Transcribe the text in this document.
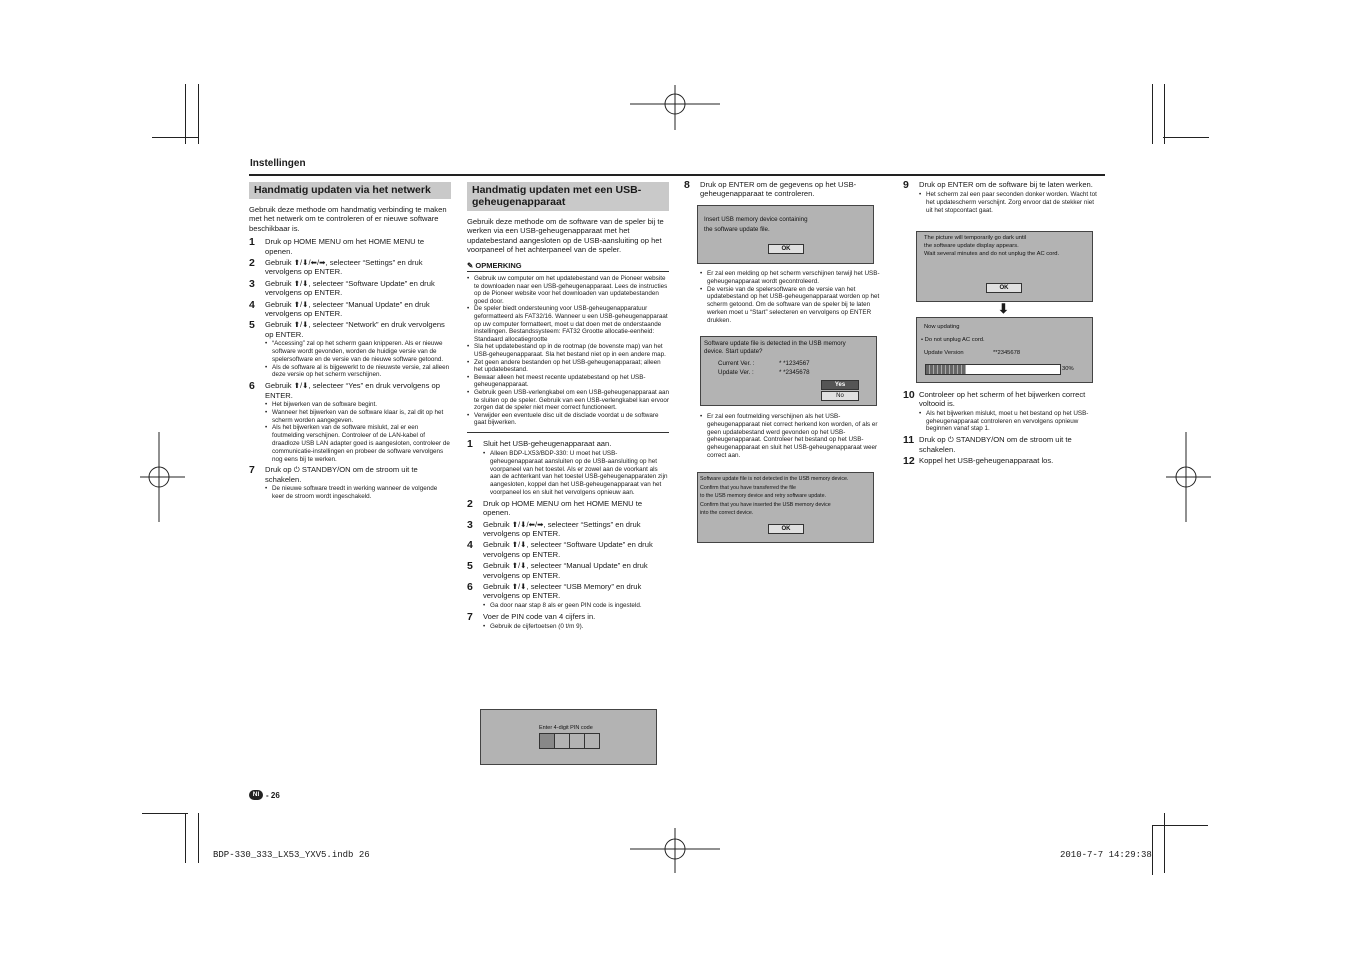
Instellingen
Handmatig updaten via het netwerk
Gebruik deze methode om handmatig verbinding te maken met het netwerk om te controleren of er nieuwe software beschikbaar is.
1	Druk op HOME MENU om het HOME MENU te openen.
2	Gebruik ⬆/⬇/⬅/➡, selecteer “Settings” en druk vervolgens op ENTER.
3	Gebruik ⬆/⬇, selecteer “Software Update” en druk vervolgens op ENTER.
4	Gebruik ⬆/⬇, selecteer “Manual Update” en druk vervolgens op ENTER.
5	Gebruik ⬆/⬇, selecteer “Network” en druk vervolgens op ENTER.
• “Accessing” zal op het scherm gaan knipperen. Als er nieuwe software wordt gevonden, worden de huidige versie van de spelersoftware en de versie van de nieuwe software getoond.
• Als de software al is bijgewerkt to de nieuwste versie, zal alleen deze versie op het scherm verschijnen.
6	Gebruik ⬆/⬇, selecteer “Yes” en druk vervolgens op ENTER.
• Het bijwerken van de software begint.
• Wanneer het bijwerken van de software klaar is, zal dit op het scherm worden aangegeven.
• Als het bijwerken van de software mislukt, zal er een foutmelding verschijnen. Controleer of de LAN-kabel of draadloze USB LAN adapter goed is aangesloten, controleer de communicatie-instellingen en probeer de software vervolgens nog eens bij te werken.
7	Druk op ⏻ STANDBY/ON om de stroom uit te schakelen.
• De nieuwe software treedt in werking wanneer de volgende keer de stroom wordt ingeschakeld.
Handmatig updaten met een USB-geheugenapparaat
Gebruik deze methode om de software van de speler bij te werken via een USB-geheugenapparaat met het updatebestand aangesloten op de USB-aansluiting op het voorpaneel of het achterpaneel van de speler.
✎ OPMERKING
• Gebruik uw computer om het updatebestand van de Pioneer website te downloaden naar een USB-geheugenapparaat. Lees de instructies op de Pioneer website voor het downloaden van updatebestanden goed door.
• De speler biedt ondersteuning voor USB-geheugenapparatuur geformatteerd als FAT32/16. Wanneer u een USB-geheugenapparaat op uw computer formatteert, moet u dat doen met de onderstaande instellingen. Bestandssysteem: FAT32 Grootte allocatie-eenheid: Standaard allocatiegrootte
• Sla het updatebestand op in de rootmap (de bovenste map) van het USB-geheugenapparaat. Sla het bestand niet op in een andere map.
• Zet geen andere bestanden op het USB-geheugenapparaat; alleen het updatebestand.
• Bewaar alleen het meest recente updatebestand op het USB-geheugenapparaat.
• Gebruik geen USB-verlengkabel om een USB-geheugenapparaat aan te sluiten op de speler. Gebruik van een USB-verlengkabel kan ervoor zorgen dat de speler niet meer correct functioneert.
• Verwijder een eventuele disc uit de disclade voordat u de software gaat bijwerken.
1	Sluit het USB-geheugenapparaat aan.
• Alleen BDP-LX53/BDP-330: U moet het USB-geheugenapparaat aansluiten op de USB-aansluiting op het voorpaneel van het toestel. Als er zowel aan de voorkant als aan de achterkant van het toestel USB-geheugenapparaten zijn aangesloten, koppel dan het USB-geheugenapparaat van het voorpaneel los en sluit het vervolgens opnieuw aan.
2	Druk op HOME MENU om het HOME MENU te openen.
3	Gebruik ⬆/⬇/⬅/➡, selecteer “Settings” en druk vervolgens op ENTER.
4	Gebruik ⬆/⬇, selecteer “Software Update” en druk vervolgens op ENTER.
5	Gebruik ⬆/⬇, selecteer “Manual Update” en druk vervolgens op ENTER.
6	Gebruik ⬆/⬇, selecteer “USB Memory” en druk vervolgens op ENTER.
• Ga door naar stap 8 als er geen PIN code is ingesteld.
7	Voer de PIN code van 4 cijfers in.
• Gebruik de cijfertoetsen (0 t/m 9).
Enter 4-digit PIN code
8	Druk op ENTER om de gegevens op het USB-geheugenapparaat te controleren.
Insert USB memory device containing
the software update file.
OK
• Er zal een melding op het scherm verschijnen terwijl het USB-geheugenapparaat wordt gecontroleerd.
• De versie van de spelersoftware en de versie van het updatebestand op het USB-geheugenapparaat worden op het scherm getoond. Om de software van de speler bij te laten werken moet u “Start” selecteren en vervolgens op ENTER drukken.
Software update file is detected in the USB memory
device. Start update?
Current Ver. :	* *1234567
Update Ver. :	* *2345678
Yes
No
• Er zal een foutmelding verschijnen als het USB-geheugenapparaat niet correct herkend kon worden, of als er geen updatebestand werd gevonden op het USB-geheugenapparaat. Controleer het bestand op het USB-geheugenapparaat en sluit het USB-geheugenapparaat weer correct aan.
Software update file is not detected in the USB memory device.
Confirm that you have transferred the file
to the USB memory device and retry software update.
Confirm that you have inserted the USB memory device
into the correct device.
OK
9	Druk op ENTER om de software bij te laten werken.
• Het scherm zal een paar seconden donker worden. Wacht tot het updatescherm verschijnt. Zorg ervoor dat de stekker niet uit het stopcontact gaat.
The picture will temporarily go dark until
the software update display appears.
Wait several minutes and do not unplug the AC cord.
OK
⬇
Now updating
• Do not unplug AC cord.
Update Version	**2345678
30%
10 Controleer op het scherm of het bijwerken correct voltooid is.
• Als het bijwerken mislukt, moet u het bestand op het USB-geheugenapparaat controleren en vervolgens opnieuw beginnen vanaf stap 1.
11 Druk op ⏻ STANDBY/ON om de stroom uit te schakelen.
12 Koppel het USB-geheugenapparaat los.
Nl - 26
BDP-330_333_LX53_YXV5.indb 26	2010-7-7 14:29:38
